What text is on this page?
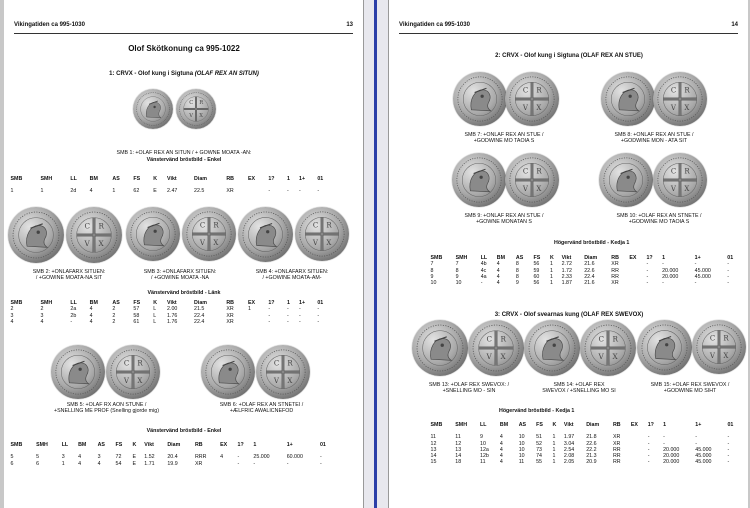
Vikingatiden ca 995-1030	13
Olof Skötkonung ca 995-1022
1: CRVX - Olof kung i Sigtuna (OLAF REX AN SITUN)
C R
V X
SMB 1: +OLAF REX AN SITUN / + GOWNE MOATA -AN:
Vänstervänd bröstbild - Enkel
SMB	SMH	LL	BM	AS	FS	K	Vikt	Diam	RB	EX	1?	1	1+	01

1	1	2d	4	1	62	E	2.47	22.5	XR		-	-	-	-
C R
V X
C R
V X
C R
V X
SMB 2: +ONLAFARX SITUEN:
/ +GOWINE MOATA-NA SIT
SMB 3: +ONLAFARX SITUEN:
/ +GOWINE MOATA -NA
SMB 4: +ONLAFARX SITUEN:
/ +GOWINE MOATA-AM-
Vänstervänd bröstbild - Länk
SMB	SMH	LL	BM	AS	FS	K	Vikt	Diam	RB	EX	1?	1	1+	01
2	2	2a	4	2	57	L	2.00	21.5	XR	1	-	-	-	-
3	3	2b	4	2	58	L	1.76	22.4	XR		-	-	-	-
4	4	-	4	2	61	L	1.76	22.4	XR		-	-	-	-
C R
V X
C R
V X
SMB 5: +OLAF RX AON STUNE /
+SNELLING ME PROF (Snelling gjorde mig)
SMB 6: +OLAF REX AN STNETEI /
+ÆLFRIC AWALICNEFOD
Vänstervänd bröstbild - Enkel
SMB	SMH	LL	BM	AS	FS	K	Vikt	Diam	RB	EX	1?	1	1+	01

5	5	3	4	3	72	E	1.52	20.4	RRR	4	-	25.000	60.000	-
6	6	1	4	4	54	E	1.71	19.9	XR		-	-	-	-
Vikingatiden ca 995-1030	14
2: CRVX - Olof kung i Sigtuna (OLAF REX AN STUE)
C R
V X
C R
V X
SMB 7: +ONLAF REX AN STUE /
+GODWINE MO TAOIA S
SMB 8: +ONLAF REX AN STUE /
+GODWINE MON - ATA SIT
C R
V X
C R
V X
SMB 9: +ONLAF REX AN STUE /
+GOWNE MONATAN S
SMB 10: +OLAF REX AN STNETE /
+GODWINE MO TAOIA S
Högervänd bröstbild - Kedja 1
SMB	SMH	LL	BM	AS	FS	K	Vikt	Diam	RB	EX	1?	1	1+	01
7	7	4b	4	8	56	1	2.72	21.6	XR		-	-	-	-
8	8	4c	4	8	59	1	1.72	22.6	RR		-	20.000	45.000	-
9	9	4a	4	8	60	1	2.33	22.4	RR		-	20.000	45.000	-
10	10	-	4	9	56	1	1.87	21.6	XR		-	-	-	-
3: CRVX - Olof svearnas kung (OLAF REX SWEVOX)
C R
V X
C R
V X
C R
V X
SMB 13: +OLAF REX SWEVOX: /
+SNELLING MO - SIN
SMB 14: +OLAF REX
SWEVOX / +SNELLING MO SI
SMB 15: +OLAF REX SWEVOX /
+GODWINE MO SIHT
Högervänd bröstbild - Kedja 1
SMB	SMH	LL	BM	AS	FS	K	Vikt	Diam	RB	EX	1?	1	1+	01

11	11	9	4	10	51	1	1.97	21.8	XR		-	-	-	-
12	12	10	4	10	52	1	3.04	22.6	XR		-	-	-	-
13	13	12a	4	10	73	1	2.54	22.2	RR		-	20.000	45.000	-
14	14	12b	4	10	74	1	2.08	21.3	RR		-	20.000	45.000	-
15	18	11	4	11	55	1	2.05	20.9	RR		-	20.000	45.000	-
